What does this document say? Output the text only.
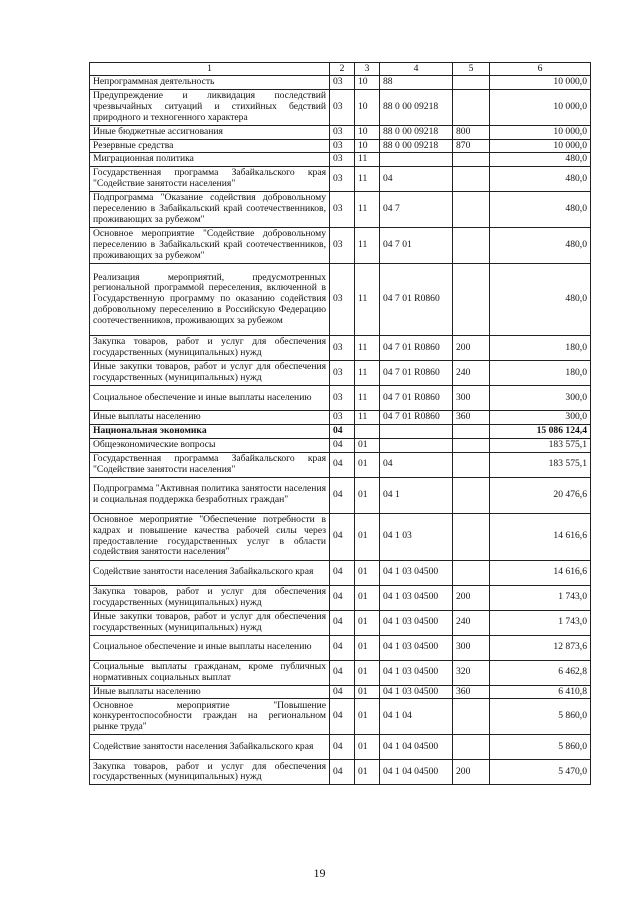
1	2	3	4	5	6
Непрограммная деятельность	03	10	88		10 000,0
Предупреждение и ликвидация последствий чрезвычайных ситуаций и стихийных бедствий природного и техногенного характера	03	10	88 0 00 09218		10 000,0
Иные бюджетные ассигнования	03	10	88 0 00 09218	800	10 000,0
Резервные средства	03	10	88 0 00 09218	870	10 000,0
Миграционная политика	03	11			480,0
Государственная программа Забайкальского края "Содействие занятости населения"	03	11	04		480,0
Подпрограмма "Оказание содействия добровольному переселению в Забайкальский край соотечественников, проживающих за рубежом"	03	11	04 7		480,0
Основное мероприятие "Содействие добровольному переселению в Забайкальский край соотечественников, проживающих за рубежом"	03	11	04 7 01		480,0
Реализация мероприятий, предусмотренных региональной программой переселения, включенной в Государственную программу по оказанию содействия добровольному переселению в Российскую Федерацию соотечественников, проживающих за рубежом	03	11	04 7 01 R0860		480,0
Закупка товаров, работ и услуг для обеспечения государственных (муниципальных) нужд	03	11	04 7 01 R0860	200	180,0
Иные закупки товаров, работ и услуг для обеспечения государственных (муниципальных) нужд	03	11	04 7 01 R0860	240	180,0
Социальное обеспечение и иные выплаты населению	03	11	04 7 01 R0860	300	300,0
Иные выплаты населению	03	11	04 7 01 R0860	360	300,0
Национальная экономика	04				15 086 124,4
Общеэкономические вопросы	04	01			183 575,1
Государственная программа Забайкальского края "Содействие занятости населения"	04	01	04		183 575,1
Подпрограмма "Активная политика занятости населения и социальная поддержка безработных граждан"	04	01	04 1		20 476,6
Основное мероприятие "Обеспечение потребности в кадрах и повышение качества рабочей силы через предоставление государственных услуг в области содействия занятости населения"	04	01	04 1 03		14 616,6
Содействие занятости населения Забайкальского края	04	01	04 1 03 04500		14 616,6
Закупка товаров, работ и услуг для обеспечения государственных (муниципальных) нужд	04	01	04 1 03 04500	200	1 743,0
Иные закупки товаров, работ и услуг для обеспечения государственных (муниципальных) нужд	04	01	04 1 03 04500	240	1 743,0
Социальное обеспечение и иные выплаты населению	04	01	04 1 03 04500	300	12 873,6
Социальные выплаты гражданам, кроме публичных нормативных социальных выплат	04	01	04 1 03 04500	320	6 462,8
Иные выплаты населению	04	01	04 1 03 04500	360	6 410,8
Основное мероприятие "Повышение конкурентоспособности граждан на региональном рынке труда"	04	01	04 1 04		5 860,0
Содействие занятости населения Забайкальского края	04	01	04 1 04 04500		5 860,0
Закупка товаров, работ и услуг для обеспечения государственных (муниципальных) нужд	04	01	04 1 04 04500	200	5 470,0
19
